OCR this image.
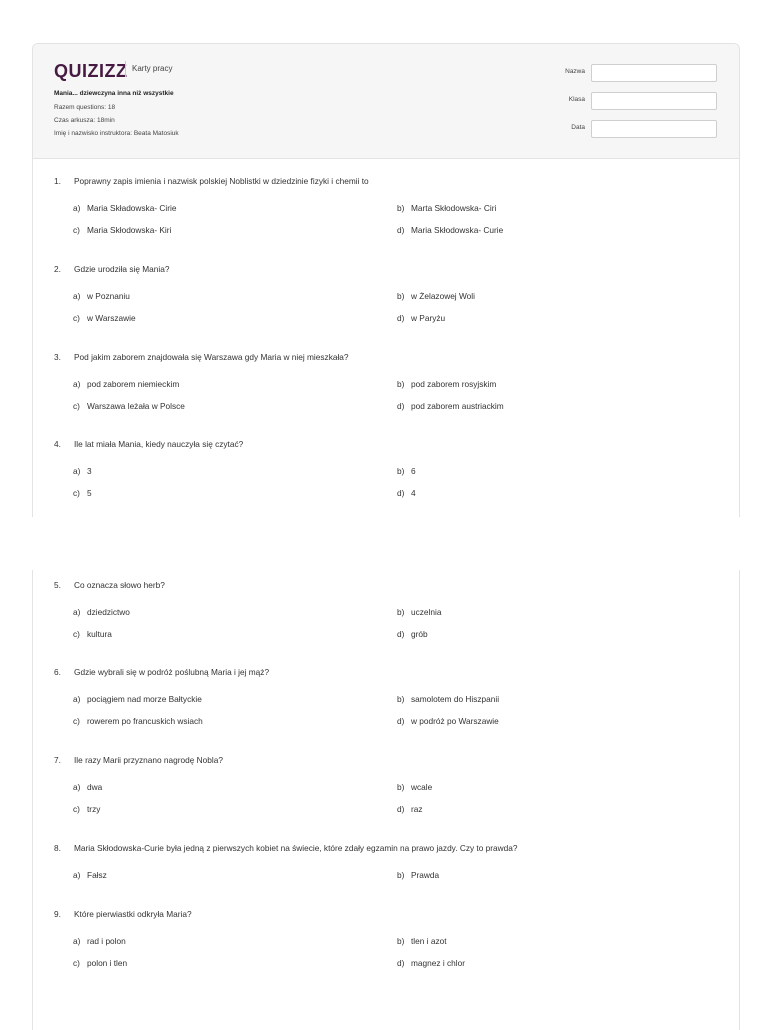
QUIZIZZ Karty pracy
Mania... dziewczyna inna niż wszystkie
Razem questions: 18
Czas arkusza: 18min
Imię i nazwisko instruktora: Beata Matosiuk
Nazwa
Klasa
Data
1. Poprawny zapis imienia i nazwisk polskiej Noblistki w dziedzinie fizyki i chemii to
a) Maria Składowska- Cirie	b) Marta Skłodowska- Ciri
c) Maria Skłodowska- Kiri	d) Maria Skłodowska- Curie
2. Gdzie urodziła się Mania?
a) w Poznaniu	b) w Żelazowej Woli
c) w Warszawie	d) w Paryżu
3. Pod jakim zaborem znajdowała się Warszawa gdy Maria w niej mieszkała?
a) pod zaborem niemieckim	b) pod zaborem rosyjskim
c) Warszawa leżała w Polsce	d) pod zaborem austriackim
4. Ile lat miała Mania, kiedy nauczyła się czytać?
a) 3	b) 6
c) 5	d) 4
5. Co oznacza słowo herb?
a) dziedzictwo	b) uczelnia
c) kultura	d) grób
6. Gdzie wybrali się w podróż poślubną Maria i jej mąż?
a) pociągiem nad morze Bałtyckie	b) samolotem do Hiszpanii
c) rowerem po francuskich wsiach	d) w podróż po Warszawie
7. Ile razy Marii przyznano nagrodę Nobla?
a) dwa	b) wcale
c) trzy	d) raz
8. Maria Skłodowska-Curie była jedną z pierwszych kobiet na świecie, które zdały egzamin na prawo jazdy. Czy to prawda?
a) Fałsz	b) Prawda
9. Które pierwiastki odkryła Maria?
a) rad i polon	b) tlen i azot
c) polon i tlen	d) magnez i chlor
